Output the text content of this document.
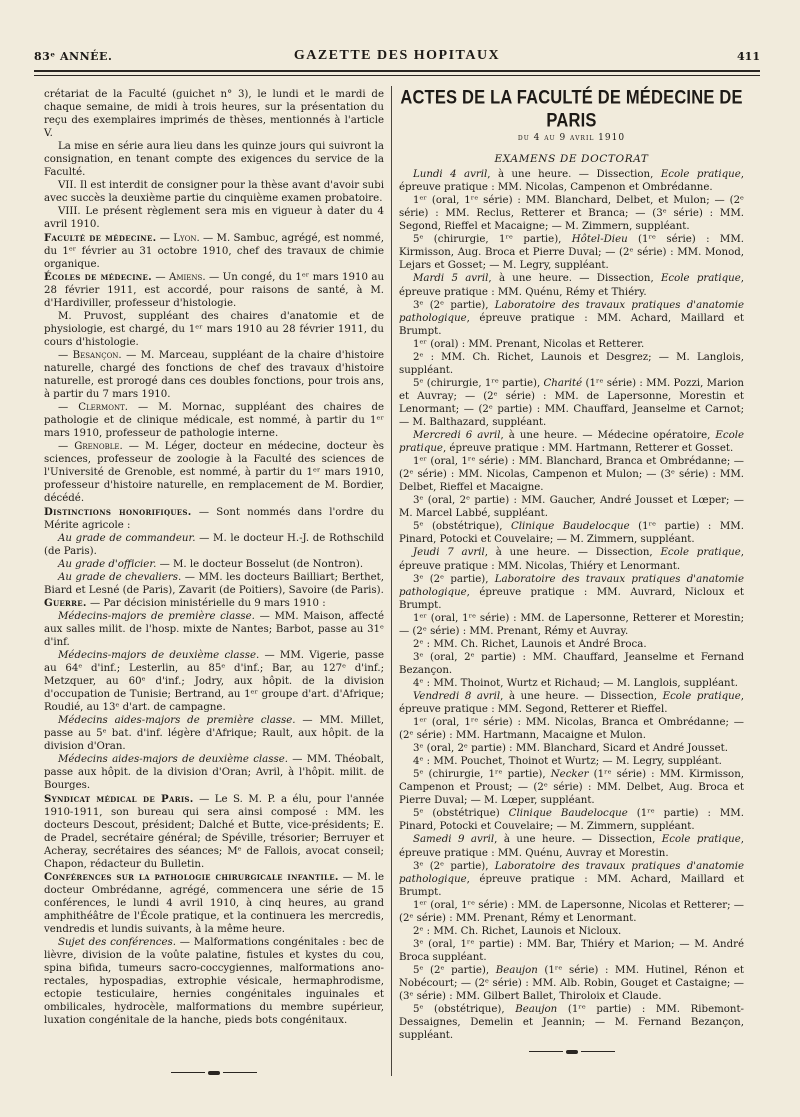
83ᵉ ANNÉE.	GAZETTE DES HOPITAUX	411

crétariat de la Faculté (guichet n° 3), le lundi et le mardi de chaque semaine, de midi à trois heures, sur la présentation du reçu des exemplaires imprimés de thèses, mentionnés à l'article V.

La mise en série aura lieu dans les quinze jours qui suivront la consignation, en tenant compte des exigences du service de la Faculté.

VII. Il est interdit de consigner pour la thèse avant d'avoir subi avec succès la deuxième partie du cinquième examen probatoire.

VIII. Le présent règlement sera mis en vigueur à dater du 4 avril 1910.

Faculté de médecine. — Lyon. — M. Sambuc, agrégé, est nommé, du 1ᵉʳ février au 31 octobre 1910, chef des travaux de chimie organique.

Écoles de médecine. — Amiens. — Un congé, du 1ᵉʳ mars 1910 au 28 février 1911, est accordé, pour raisons de santé, à M. d'Hardiviller, professeur d'histologie.

M. Pruvost, suppléant des chaires d'anatomie et de physiologie, est chargé, du 1ᵉʳ mars 1910 au 28 février 1911, du cours d'histologie.

— Besançon. — M. Marceau, suppléant de la chaire d'histoire naturelle, chargé des fonctions de chef des travaux d'histoire naturelle, est prorogé dans ces doubles fonctions, pour trois ans, à partir du 7 mars 1910.

— Clermont. — M. Mornac, suppléant des chaires de pathologie et de clinique médicale, est nommé, à partir du 1ᵉʳ mars 1910, professeur de pathologie interne.

— Grenoble. — M. Léger, docteur en médecine, docteur ès sciences, professeur de zoologie à la Faculté des sciences de l'Université de Grenoble, est nommé, à partir du 1ᵉʳ mars 1910, professeur d'histoire naturelle, en remplacement de M. Bordier, décédé.

Distinctions honorifiques. — Sont nommés dans l'ordre du Mérite agricole :

Au grade de commandeur. — M. le docteur H.-J. de Rothschild (de Paris).

Au grade d'officier. — M. le docteur Bosselut (de Nontron).

Au grade de chevaliers. — MM. les docteurs Bailliart; Berthet, Biard et Lesné (de Paris), Zavarit (de Poitiers), Savoire (de Paris).

Guerre. — Par décision ministérielle du 9 mars 1910 :

Médecins-majors de première classe. — MM. Maison, affecté aux salles milit. de l'hosp. mixte de Nantes; Barbot, passe au 31ᵉ d'inf.

Médecins-majors de deuxième classe. — MM. Vigerie, passe au 64ᵉ d'inf.; Lesterlin, au 85ᵉ d'inf.; Bar, au 127ᵉ d'inf.; Metzquer, au 60ᵉ d'inf.; Jodry, aux hôpit. de la division d'occupation de Tunisie; Bertrand, au 1ᵉʳ groupe d'art. d'Afrique; Roudié, au 13ᵉ d'art. de campagne.

Médecins aides-majors de première classe. — MM. Millet, passe au 5ᵉ bat. d'inf. légère d'Afrique; Rault, aux hôpit. de la division d'Oran.

Médecins aides-majors de deuxième classe. — MM. Théobalt, passe aux hôpit. de la division d'Oran; Avril, à l'hôpit. milit. de Bourges.

Syndicat médical de Paris. — Le S. M. P. a élu, pour l'année 1910-1911, son bureau qui sera ainsi composé : MM. les docteurs Descout, président; Dalché et Butte, vice-présidents; E. de Pradel, secrétaire général; de Spéville, trésorier; Berruyer et Acheray, secrétaires des séances; Mᵉ de Fallois, avocat conseil; Chapon, rédacteur du Bulletin.

Conférences sur la pathologie chirurgicale infantile. — M. le docteur Ombrédanne, agrégé, commencera une série de 15 conférences, le lundi 4 avril 1910, à cinq heures, au grand amphithéâtre de l'École pratique, et la continuera les mercredis, vendredis et lundis suivants, à la même heure.

Sujet des conférences. — Malformations congénitales : bec de lièvre, division de la voûte palatine, fistules et kystes du cou, spina bifida, tumeurs sacro-coccygiennes, malformations ano-rectales, hypospadias, extrophie vésicale, hermaphrodisme, ectopie testiculaire, hernies congénitales inguinales et ombilicales, hydrocèle, malformations du membre supérieur, luxation congénitale de la hanche, pieds bots congénitaux.

ACTES DE LA FACULTÉ DE MÉDECINE DE PARIS
du 4 au 9 avril 1910
EXAMENS DE DOCTORAT

Lundi 4 avril, à une heure. — Dissection, Ecole pratique, épreuve pratique : MM. Nicolas, Campenon et Ombrédanne.

1ᵉʳ (oral, 1ʳᵉ série) : MM. Blanchard, Delbet, et Mulon; — (2ᵉ série) : MM. Reclus, Retterer et Branca; — (3ᵉ série) : MM. Segond, Rieffel et Macaigne; — M. Zimmern, suppléant.

5ᵉ (chirurgie, 1ʳᵉ partie), Hôtel-Dieu (1ʳᵉ série) : MM. Kirmisson, Aug. Broca et Pierre Duval; — (2ᵉ série) : MM. Monod, Lejars et Gosset; — M. Legry, suppléant.

Mardi 5 avril, à une heure. — Dissection, Ecole pratique, épreuve pratique : MM. Quénu, Rémy et Thiéry.

3ᵉ (2ᵉ partie), Laboratoire des travaux pratiques d'anatomie pathologique, épreuve pratique : MM. Achard, Maillard et Brumpt.

1ᵉʳ (oral) : MM. Prenant, Nicolas et Retterer.

2ᵉ : MM. Ch. Richet, Launois et Desgrez; — M. Langlois, suppléant.

5ᵉ (chirurgie, 1ʳᵉ partie), Charité (1ʳᵉ série) : MM. Pozzi, Marion et Auvray; — (2ᵉ série) : MM. de Lapersonne, Morestin et Lenormant; — (2ᵉ partie) : MM. Chauffard, Jeanselme et Carnot; — M. Balthazard, suppléant.

Mercredi 6 avril, à une heure. — Médecine opératoire, Ecole pratique, épreuve pratique : MM. Hartmann, Retterer et Gosset.

1ᵉʳ (oral, 1ʳᵉ série) : MM. Blanchard, Branca et Ombrédanne; — (2ᵉ série) : MM. Nicolas, Campenon et Mulon; — (3ᵉ série) : MM. Delbet, Rieffel et Macaigne.

3ᵉ (oral, 2ᵉ partie) : MM. Gaucher, André Jousset et Lœper; — M. Marcel Labbé, suppléant.

5ᵉ (obstétrique), Clinique Baudelocque (1ʳᵉ partie) : MM. Pinard, Potocki et Couvelaire; — M. Zimmern, suppléant.

Jeudi 7 avril, à une heure. — Dissection, Ecole pratique, épreuve pratique : MM. Nicolas, Thiéry et Lenormant.

3ᵉ (2ᵉ partie), Laboratoire des travaux pratiques d'anatomie pathologique, épreuve pratique : MM. Auvrard, Nicloux et Brumpt.

1ᵉʳ (oral, 1ʳᵉ série) : MM. de Lapersonne, Retterer et Morestin; — (2ᵉ série) : MM. Prenant, Rémy et Auvray.

2ᵉ : MM. Ch. Richet, Launois et André Broca.

3ᵉ (oral, 2ᵉ partie) : MM. Chauffard, Jeanselme et Fernand Bezançon.

4ᵉ : MM. Thoinot, Wurtz et Richaud; — M. Langlois, suppléant.

Vendredi 8 avril, à une heure. — Dissection, Ecole pratique, épreuve pratique : MM. Segond, Retterer et Rieffel.

1ᵉʳ (oral, 1ʳᵉ série) : MM. Nicolas, Branca et Ombrédanne; — (2ᵉ série) : MM. Hartmann, Macaigne et Mulon.

3ᵉ (oral, 2ᵉ partie) : MM. Blanchard, Sicard et André Jousset.

4ᵉ : MM. Pouchet, Thoinot et Wurtz; — M. Legry, suppléant.

5ᵉ (chirurgie, 1ʳᵉ partie), Necker (1ʳᵉ série) : MM. Kirmisson, Campenon et Proust; — (2ᵉ série) : MM. Delbet, Aug. Broca et Pierre Duval; — M. Lœper, suppléant.

5ᵉ (obstétrique) Clinique Baudelocque (1ʳᵉ partie) : MM. Pinard, Potocki et Couvelaire; — M. Zimmern, suppléant.

Samedi 9 avril, à une heure. — Dissection, Ecole pratique, épreuve pratique : MM. Quénu, Auvray et Morestin.

3ᵉ (2ᵉ partie), Laboratoire des travaux pratiques d'anatomie pathologique, épreuve pratique : MM. Achard, Maillard et Brumpt.

1ᵉʳ (oral, 1ʳᵉ série) : MM. de Lapersonne, Nicolas et Retterer; — (2ᵉ série) : MM. Prenant, Rémy et Lenormant.

2ᵉ : MM. Ch. Richet, Launois et Nicloux.

3ᵉ (oral, 1ʳᵉ partie) : MM. Bar, Thiéry et Marion; — M. André Broca suppléant.

5ᵉ (2ᵉ partie), Beaujon (1ʳᵉ série) : MM. Hutinel, Rénon et Nobécourt; — (2ᵉ série) : MM. Alb. Robin, Gouget et Castaigne; — (3ᵉ série) : MM. Gilbert Ballet, Thiroloix et Claude.

5ᵉ (obstétrique), Beaujon (1ʳᵉ partie) : MM. Ribemont-Dessaignes, Demelin et Jeannin; — M. Fernand Bezançon, suppléant.
